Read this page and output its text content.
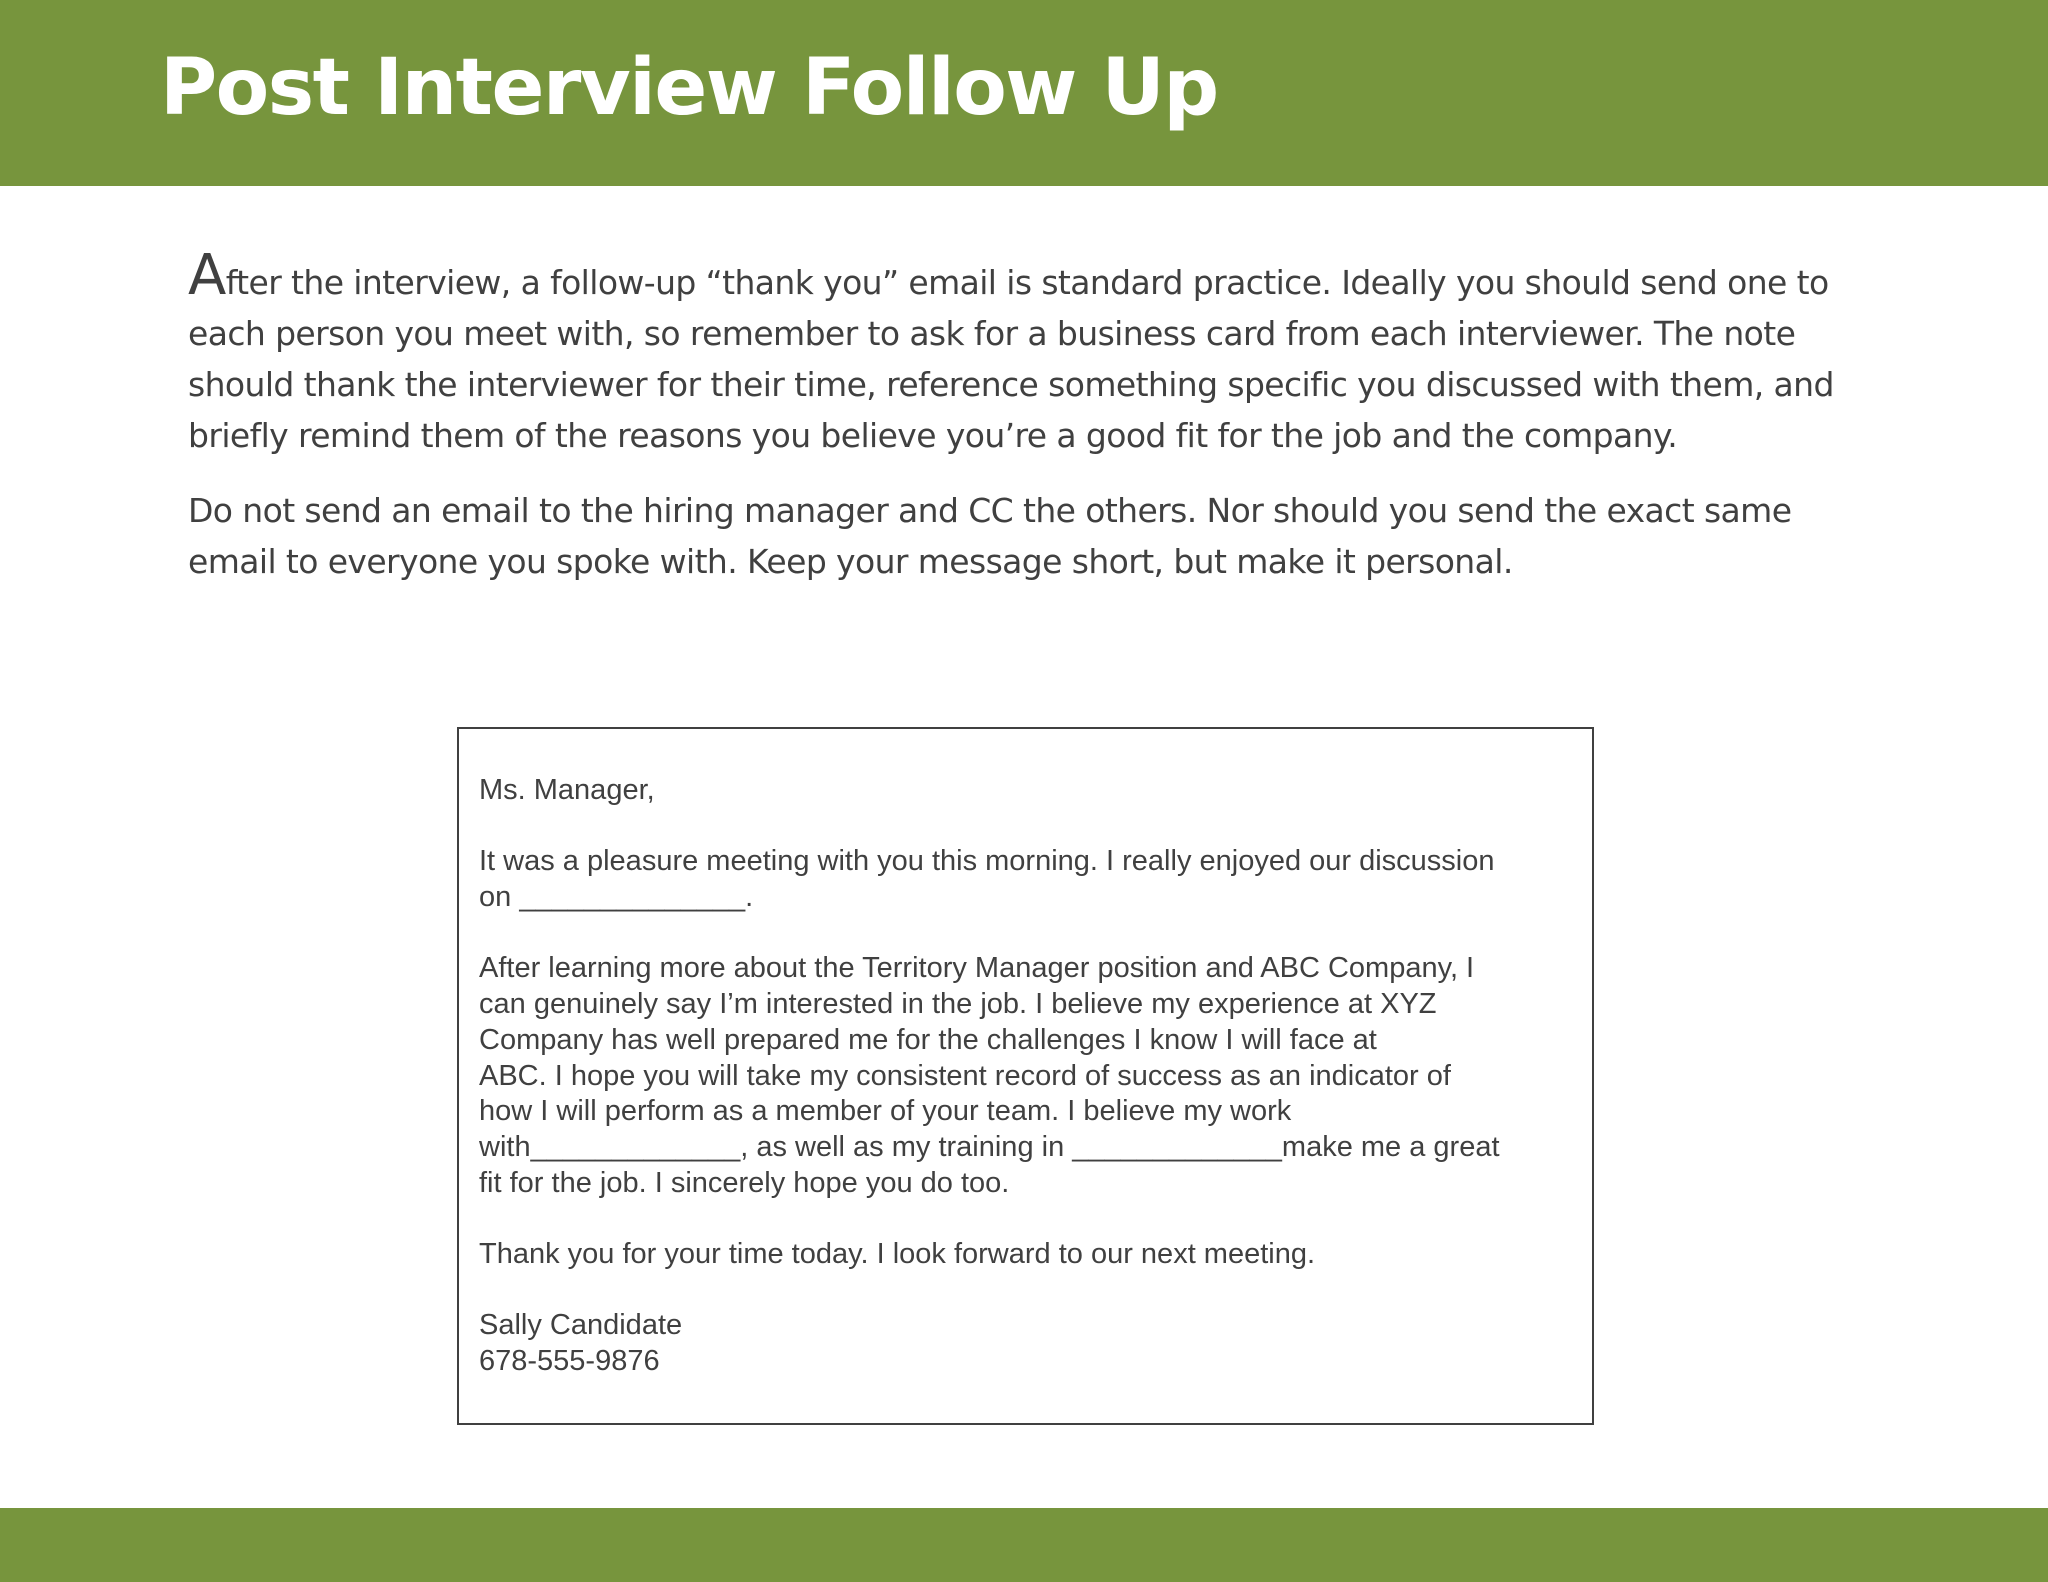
Post Interview Follow Up

After the interview, a follow-up “thank you” email is standard practice. Ideally you should send one to each person you meet with, so remember to ask for a business card from each interviewer. The note should thank the interviewer for their time, reference something specific you discussed with them, and briefly remind them of the reasons you believe you’re a good fit for the job and the company.

Do not send an email to the hiring manager and CC the others. Nor should you send the exact same email to everyone you spoke with. Keep your message short, but make it personal.

Ms. Manager,

It was a pleasure meeting with you this morning. I really enjoyed our discussion
on ______________.

After learning more about the Territory Manager position and ABC Company, I
can genuinely say I’m interested in the job. I believe my experience at XYZ
Company has well prepared me for the challenges I know I will face at
ABC. I hope you will take my consistent record of success as an indicator of
how I will perform as a member of your team. I believe my work
with_____________, as well as my training in _____________make me a great
fit for the job. I sincerely hope you do too.

Thank you for your time today. I look forward to our next meeting.

Sally Candidate
678-555-9876
